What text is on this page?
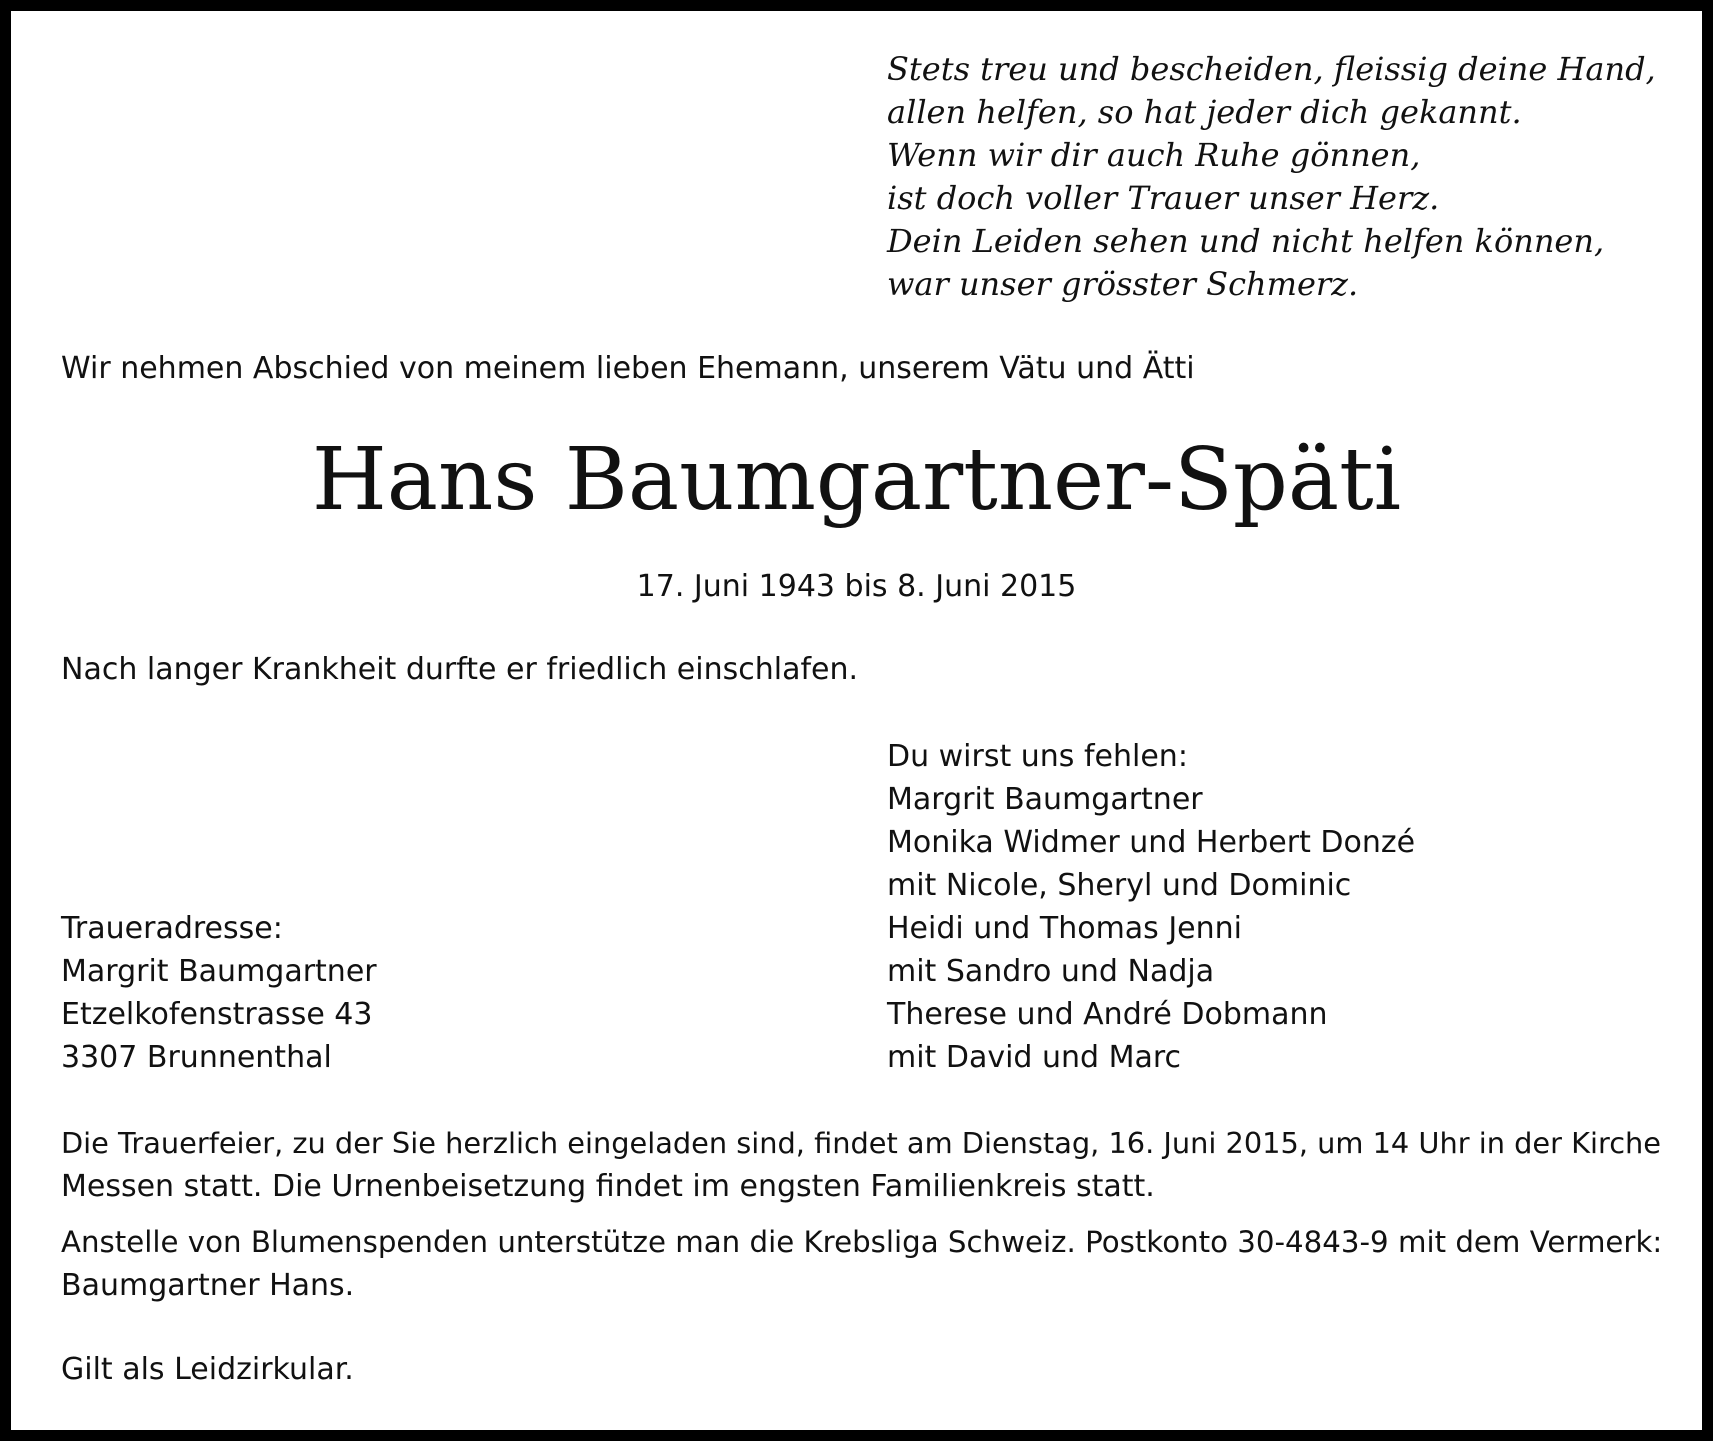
Stets treu und bescheiden, fleissig deine Hand,
allen helfen, so hat jeder dich gekannt.
Wenn wir dir auch Ruhe gönnen,
ist doch voller Trauer unser Herz.
Dein Leiden sehen und nicht helfen können,
war unser grösster Schmerz.
Wir nehmen Abschied von meinem lieben Ehemann, unserem Vätu und Ätti
Hans Baumgartner-Späti
17. Juni 1943 bis 8. Juni 2015
Nach langer Krankheit durfte er friedlich einschlafen.
Du wirst uns fehlen:
Margrit Baumgartner
Monika Widmer und Herbert Donzé
mit Nicole, Sheryl und Dominic
Heidi und Thomas Jenni
mit Sandro und Nadja
Therese und André Dobmann
mit David und Marc
Traueradresse:
Margrit Baumgartner
Etzelkofenstrasse 43
3307 Brunnenthal
Die Trauerfeier, zu der Sie herzlich eingeladen sind, findet am Dienstag, 16. Juni 2015, um 14 Uhr in der Kirche
Messen statt. Die Urnenbeisetzung findet im engsten Familienkreis statt.
Anstelle von Blumenspenden unterstütze man die Krebsliga Schweiz. Postkonto 30-4843-9 mit dem Vermerk:
Baumgartner Hans.
Gilt als Leidzirkular.
